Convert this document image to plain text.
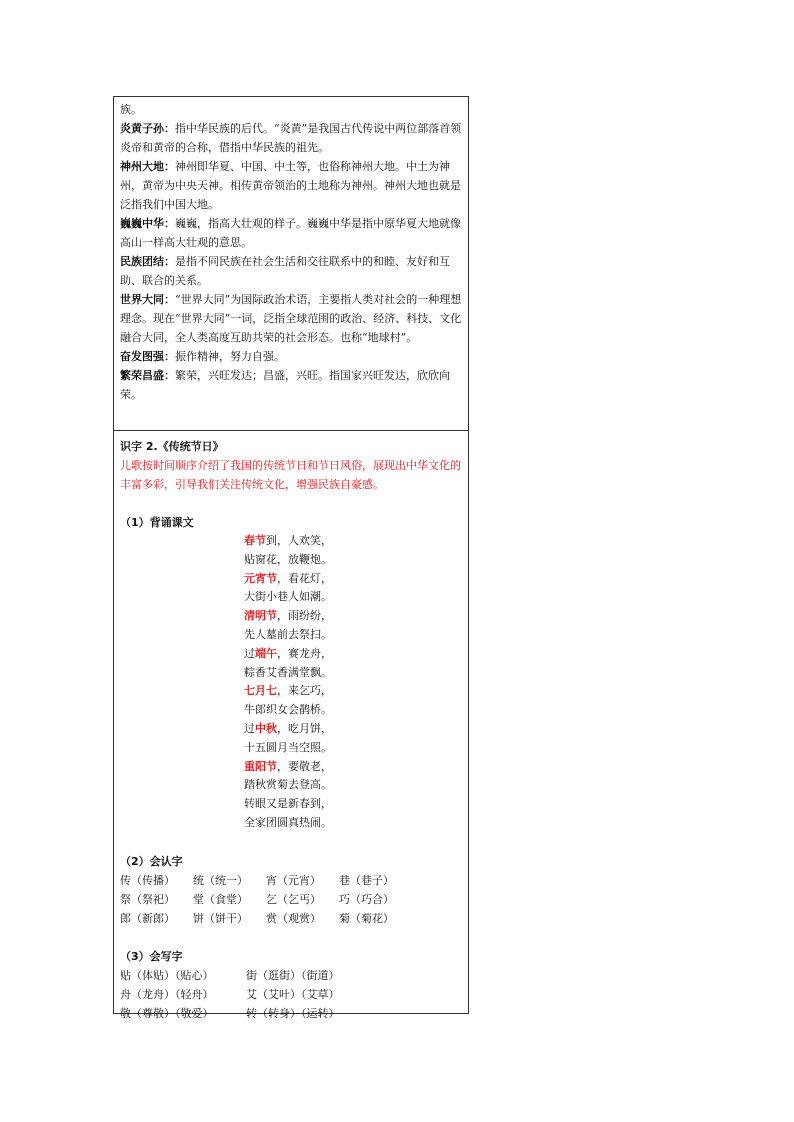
族。
炎黄子孙：指中华民族的后代。“炎黄”是我国古代传说中两位部落首领炎帝和黄帝的合称，借指中华民族的祖先。
神州大地：神州即华夏、中国、中土等，也俗称神州大地。中土为神州，黄帝为中央天神。相传黄帝领治的土地称为神州。神州大地也就是泛指我们中国大地。
巍巍中华：巍巍，指高大壮观的样子。巍巍中华是指中原华夏大地就像高山一样高大壮观的意思。
民族团结：是指不同民族在社会生活和交往联系中的和睦、友好和互助、联合的关系。
世界大同：“世界大同”为国际政治术语，主要指人类对社会的一种理想理念。现在“世界大同”一词，泛指全球范围的政治、经济、科技、文化融合大同，全人类高度互助共荣的社会形态。也称“地球村”。
奋发图强：振作精神，努力自强。
繁荣昌盛：繁荣，兴旺发达；昌盛，兴旺。指国家兴旺发达，欣欣向荣。
识字 2.《传统节日》
儿歌按时间顺序介绍了我国的传统节日和节日风俗，展现出中华文化的丰富多彩，引导我们关注传统文化，增强民族自豪感。
（1）背诵课文
春节到，人欢笑，
贴窗花，放鞭炮。
元宵节，看花灯，
大街小巷人如潮。
清明节，雨纷纷，
先人墓前去祭扫。
过端午，赛龙舟，
粽香艾香满堂飘。
七月七，来乞巧，
牛郎织女会鹊桥。
过中秋，吃月饼，
十五圆月当空照。
重阳节，要敬老，
踏秋赏菊去登高。
转眼又是新春到，
全家团圆真热闹。
（2）会认字
传（传播） 统（统一） 宵（元宵） 巷（巷子）
祭（祭祀） 堂（食堂） 乞（乞丐） 巧（巧合）
郎（新郎） 饼（饼干） 赏（观赏） 菊（菊花）
（3）会写字
贴（体贴）（贴心）	街（逛街）（街道）
舟（龙舟）（轻舟）	艾（艾叶）（艾草）
敬（尊敬）（敬爱）	转（转身）（运转）
